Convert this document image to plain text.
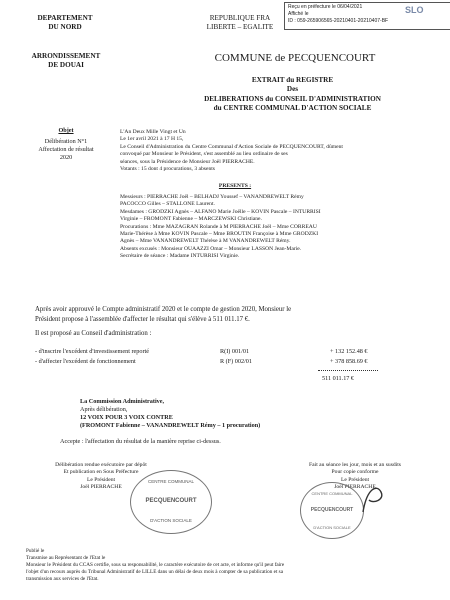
DEPARTEMENT
DU NORD
ARRONDISSEMENT
DE DOUAI
REPUBLIQUE FRA
LIBERTE – EGALITE
Reçu en préfecture le 06/04/2021
Affiché le
ID : 059-265906565-20210401-20210407-BF
SLO
COMMUNE de PECQUENCOURT
EXTRAIT du REGISTRE
Des
DELIBERATIONS du CONSEIL D'ADMINISTRATION
du CENTRE COMMUNAL D'ACTION SOCIALE
Objet
Délibération N°1
Affectation de résultat
2020
L'An Deux Mille Vingt et Un
Le 1er avril 2021 à 17 H 15,
Le Conseil d'Administration du Centre Communal d'Action Sociale de PECQUENCOURT, dûment
convoqué par Monsieur le Président, s'est assemblé au lieu ordinaire de ses
séances, sous la Présidence de Monsieur Joël PIERRACHE.
Votants : 15 dont 4 procurations, 3 absents
PRESENTS :
Messieurs : PIERRACHE Joël – BELHADJ Youssef – VANANDREWELT Rémy
PACOCCO Gilles – STALLONE Laurent.
Mesdames : GRODZKI Agnès – ALFANO Marie Joëlle – KOVIN Pascale – INTURRISI
Virginie – FROMONT Fabienne – MARCZEWSKI Christiane.
Procurations : Mme MAZAGRAN Rolande à M PIERRACHE Joël – Mme CORREAU
Marie-Thérèse à Mme KOVIN Pascale – Mme BROUTIN Françoise à Mme GRODZKI
Agnès – Mme VANANDREWELT Thérèse à M VANANDREWELT Rémy.
Absents excusés : Monsieur OUAAZZI Omar – Monsieur LASSON Jean-Marie.
Secrétaire de séance : Madame INTURRISI Virginie.
Après avoir approuvé le Compte administratif 2020 et le compte de gestion 2020, Monsieur le
Président propose à l'assemblée d'affecter le résultat qui s'élève à 511 011.17 €.
Il est proposé au Conseil d'administration :
- d'inscrire l'excédent d'investissement reporté	R(I) 001/01	+ 132 152.48 €
- d'affecter l'excédent de fonctionnement	R (F) 002/01	+ 378 858.69 €
511 011.17 €
La Commission Administrative,
Après délibération,
12 VOIX POUR 3 VOIX CONTRE
(FROMONT Fabienne – VANANDREWELT Rémy – 1 procuration)
Accepte : l'affectation du résultat de la manière reprise ci-dessus.
Délibération rendue exécutoire par dépôt
Et publication en Sous Préfecture
Le Président
Joël PIERRACHE
Fait au séance les jour, mois et an susdits
Pour copie conforme
Le Président
Joël PIERRACHE
CENTRE COMMUNAL
PECQUENCOURT
D'ACTION SOCIALE
CENTRE COMMUNAL
PECQUENCOURT
D'ACTION SOCIALE
Publié le
Transmise au Représentant de l'Etat le
Monsieur le Président du CCAS certifie, sous sa responsabilité, le caractère exécutoire de cet acte, et informe qu'il peut faire
l'objet d'un recours auprès du Tribunal Administratif de LILLE dans un délai de deux mois à compter de sa publication et sa
transmission aux services de l'Etat.
